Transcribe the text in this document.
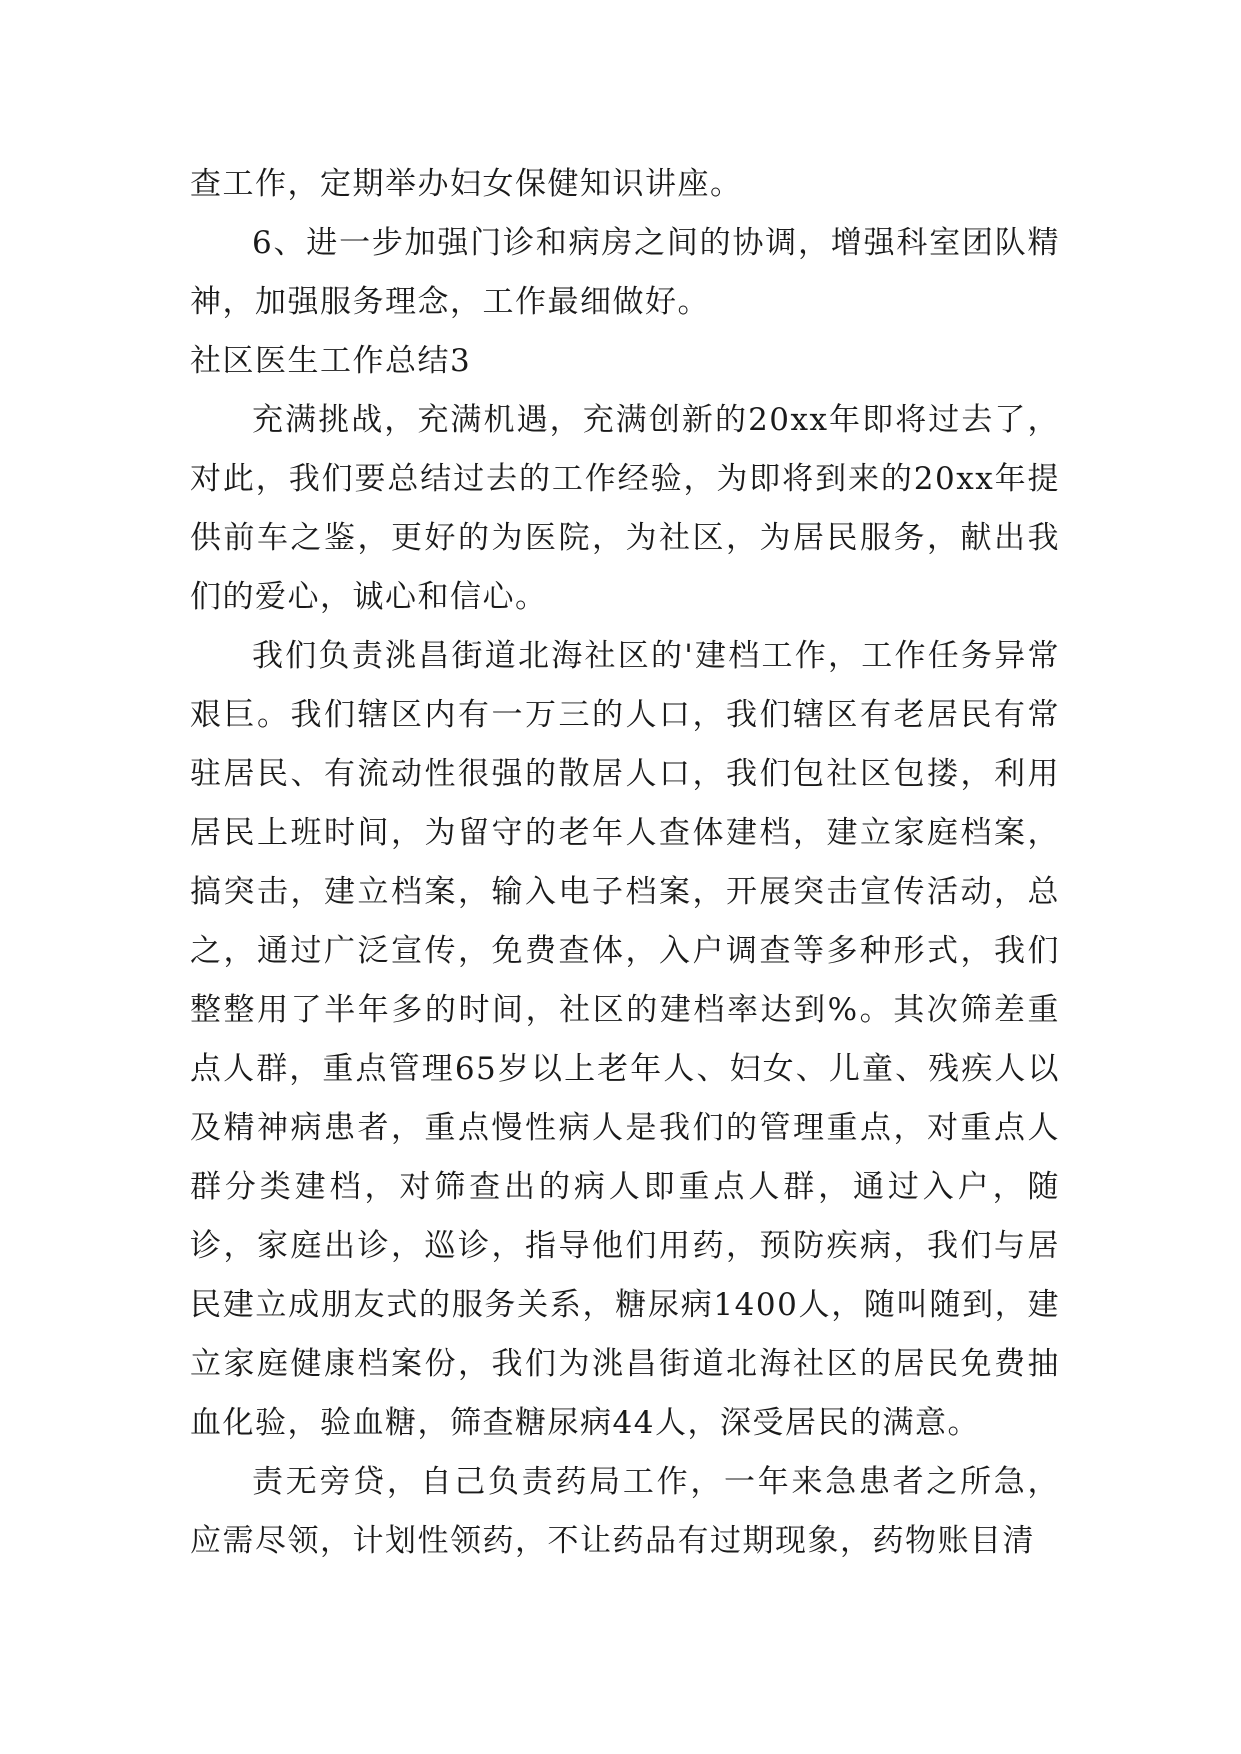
查工作，定期举办妇女保健知识讲座。

6、进一步加强门诊和病房之间的协调，增强科室团队精神，加强服务理念，工作最细做好。

社区医生工作总结3

充满挑战，充满机遇，充满创新的20xx年即将过去了，对此，我们要总结过去的工作经验，为即将到来的20xx年提供前车之鉴，更好的为医院，为社区，为居民服务，献出我们的爱心，诚心和信心。

我们负责洮昌街道北海社区的'建档工作，工作任务异常艰巨。我们辖区内有一万三的人口，我们辖区有老居民有常驻居民、有流动性很强的散居人口，我们包社区包搂，利用居民上班时间，为留守的老年人查体建档，建立家庭档案，搞突击，建立档案，输入电子档案，开展突击宣传活动，总之，通过广泛宣传，免费查体，入户调查等多种形式，我们整整用了半年多的时间，社区的建档率达到%。其次筛差重点人群，重点管理65岁以上老年人、妇女、儿童、残疾人以及精神病患者，重点慢性病人是我们的管理重点，对重点人群分类建档，对筛查出的病人即重点人群，通过入户，随诊，家庭出诊，巡诊，指导他们用药，预防疾病，我们与居民建立成朋友式的服务关系，糖尿病1400人，随叫随到，建立家庭健康档案份，我们为洮昌街道北海社区的居民免费抽血化验，验血糖，筛查糖尿病44人，深受居民的满意。

责无旁贷，自己负责药局工作，一年来急患者之所急，应需尽领，计划性领药，不让药品有过期现象，药物账目清
